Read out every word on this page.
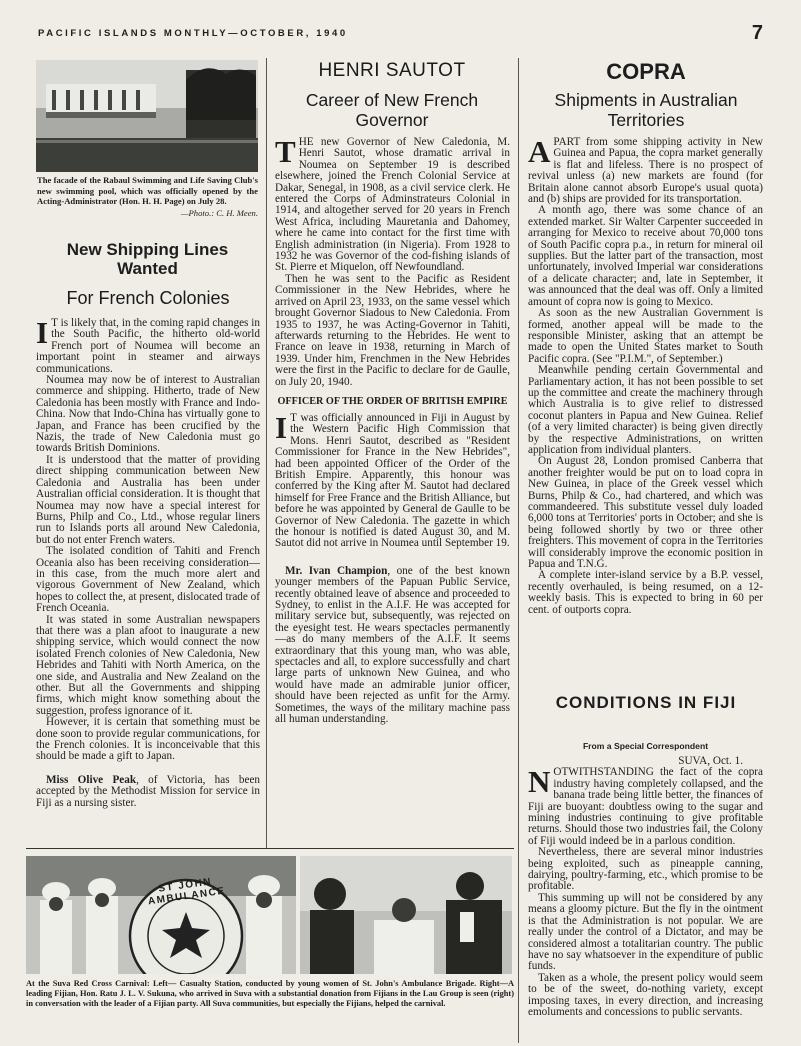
PACIFIC ISLANDS MONTHLY—OCTOBER, 1940	7
The facade of the Rabaul Swimming and Life Saving Club's new swimming pool, which was officially opened by the Acting-Administrator (Hon. H. H. Page) on July 28.
—Photo.: C. H. Meen.
New Shipping Lines Wanted
For French Colonies

I T is likely that, in the coming rapid changes in the South Pacific, the hitherto old-world French port of Noumea will become an important point in steamer and airways communications.

Noumea may now be of interest to Australian commerce and shipping. Hitherto, trade of New Caledonia has been mostly with France and Indo-China. Now that Indo-China has virtually gone to Japan, and France has been crucified by the Nazis, the trade of New Caledonia must go towards British Dominions.

It is understood that the matter of providing direct shipping communication between New Caledonia and Australia has been under Australian official consideration. It is thought that Noumea may now have a special interest for Burns, Philp and Co., Ltd., whose regular liners run to Islands ports all around New Caledonia, but do not enter French waters.

The isolated condition of Tahiti and French Oceania also has been receiving consideration—in this case, from the much more alert and vigorous Government of New Zealand, which hopes to collect the, at present, dislocated trade of French Oceania.

It was stated in some Australian newspapers that there was a plan afoot to inaugurate a new shipping service, which would connect the now isolated French colonies of New Caledonia, New Hebrides and Tahiti with North America, on the one side, and Australia and New Zealand on the other. But all the Governments and shipping firms, which might know something about the suggestion, profess ignorance of it.

However, it is certain that something must be done soon to provide regular communications, for the French colonies. It is inconceivable that this should be made a gift to Japan.

Miss Olive Peak, of Victoria, has been accepted by the Methodist Mission for service in Fiji as a nursing sister.

HENRI SAUTOT
Career of New French Governor

THE new Governor of New Caledonia, M. Henri Sautot, whose dramatic arrival in Noumea on September 19 is described elsewhere, joined the French Colonial Service at Dakar, Senegal, in 1908, as a civil service clerk. He entered the Corps of Adminstrateurs Colonial in 1914, and altogether served for 20 years in French West Africa, including Mauretania and Dahomey, where he came into contact for the first time with English administration (in Nigeria). From 1928 to 1932 he was Governor of the cod-fishing islands of St. Pierre et Miquelon, off Newfoundland.

Then he was sent to the Pacific as Resident Commissioner in the New Hebrides, where he arrived on April 23, 1933, on the same vessel which brought Governor Siadous to New Caledonia. From 1935 to 1937, he was Acting-Governor in Tahiti, afterwards returning to the Hebrides. He went to France on leave in 1938, returning in March of 1939. Under him, Frenchmen in the New Hebrides were the first in the Pacific to declare for de Gaulle, on July 20, 1940.

OFFICER OF THE ORDER OF BRITISH EMPIRE

I T was officially announced in Fiji in August by the Western Pacific High Commission that Mons. Henri Sautot, described as "Resident Commissioner for France in the New Hebrides", had been appointed Officer of the Order of the British Empire. Apparently, this honour was conferred by the King after M. Sautot had declared himself for Free France and the British Alliance, but before he was appointed by General de Gaulle to be Governor of New Caledonia. The gazette in which the honour is notified is dated August 30, and M. Sautot did not arrive in Noumea until September 19.

Mr. Ivan Champion, one of the best known younger members of the Papuan Public Service, recently obtained leave of absence and proceeded to Sydney, to enlist in the A.I.F. He was accepted for military service but, subsequently, was rejected on the eyesight test. He wears spectacles permanently—as do many members of the A.I.F. It seems extraordinary that this young man, who was able, spectacles and all, to explore successfully and chart large parts of unknown New Guinea, and who would have made an admirable junior officer, should have been rejected as unfit for the Army. Sometimes, the ways of the military machine pass all human understanding.

COPRA
Shipments in Australian Territories

APART from some shipping activity in New Guinea and Papua, the copra market generally is flat and lifeless. There is no prospect of revival unless (a) new markets are found (for Britain alone cannot absorb Europe's usual quota) and (b) ships are provided for its transportation.

A month ago, there was some chance of an extended market. Sir Walter Carpenter succeeded in arranging for Mexico to receive about 70,000 tons of South Pacific copra p.a., in return for mineral oil supplies. But the latter part of the transaction, most unfortunately, involved Imperial war considerations of a delicate character; and, late in September, it was announced that the deal was off. Only a limited amount of copra now is going to Mexico.

As soon as the new Australian Government is formed, another appeal will be made to the responsible Minister, asking that an attempt be made to open the United States market to South Pacific copra. (See "P.I.M.", of September.)

Meanwhile pending certain Governmental and Parliamentary action, it has not been possible to set up the committee and create the machinery through which Australia is to give relief to distressed coconut planters in Papua and New Guinea. Relief (of a very limited character) is being given directly by the respective Administrations, on written application from individual planters.

On August 28, London promised Canberra that another freighter would be put on to load copra in New Guinea, in place of the Greek vessel which Burns, Philp & Co., had chartered, and which was commandeered. This substitute vessel duly loaded 6,000 tons at Territories' ports in October; and she is being followed shortly by two or three other freighters. This movement of copra in the Territories will considerably improve the economic position in Papua and T.N.G.

A complete inter-island service by a B.P. vessel, recently overhauled, is being resumed, on a 12-weekly basis. This is expected to bring in 60 per cent. of outports copra.

CONDITIONS IN FIJI
From a Special Correspondent
SUVA, Oct. 1.

NOTWITHSTANDING the fact of the copra industry having completely collapsed, and the banana trade being little better, the finances of Fiji are buoyant: doubtless owing to the sugar and mining industries continuing to give profitable returns. Should those two industries fail, the Colony of Fiji would indeed be in a parlous condition.

Nevertheless, there are several minor industries being exploited, such as pineapple canning, dairying, poultry-farming, etc., which promise to be profitable.

This summing up will not be considered by any means a gloomy picture. But the fly in the ointment is that the Administration is not popular. We are really under the control of a Dictator, and may be considered almost a totalitarian country. The public have no say whatsoever in the expenditure of public funds.

Taken as a whole, the present policy would seem to be of the sweet, do-nothing variety, except imposing taxes, in every direction, and increasing emoluments and concessions to public servants.

ST JOHN AMBULANCE
At the Suva Red Cross Carnival: Left— Casualty Station, conducted by young women of St. John's Ambulance Brigade. Right—A leading Fijian, Hon. Ratu J. L. V. Sukuna, who arrived in Suva with a substantial donation from Fijians in the Lau Group is seen (right) in conversation with the leader of a Fijian party. All Suva communities, but especially the Fijians, helped the carnival.
